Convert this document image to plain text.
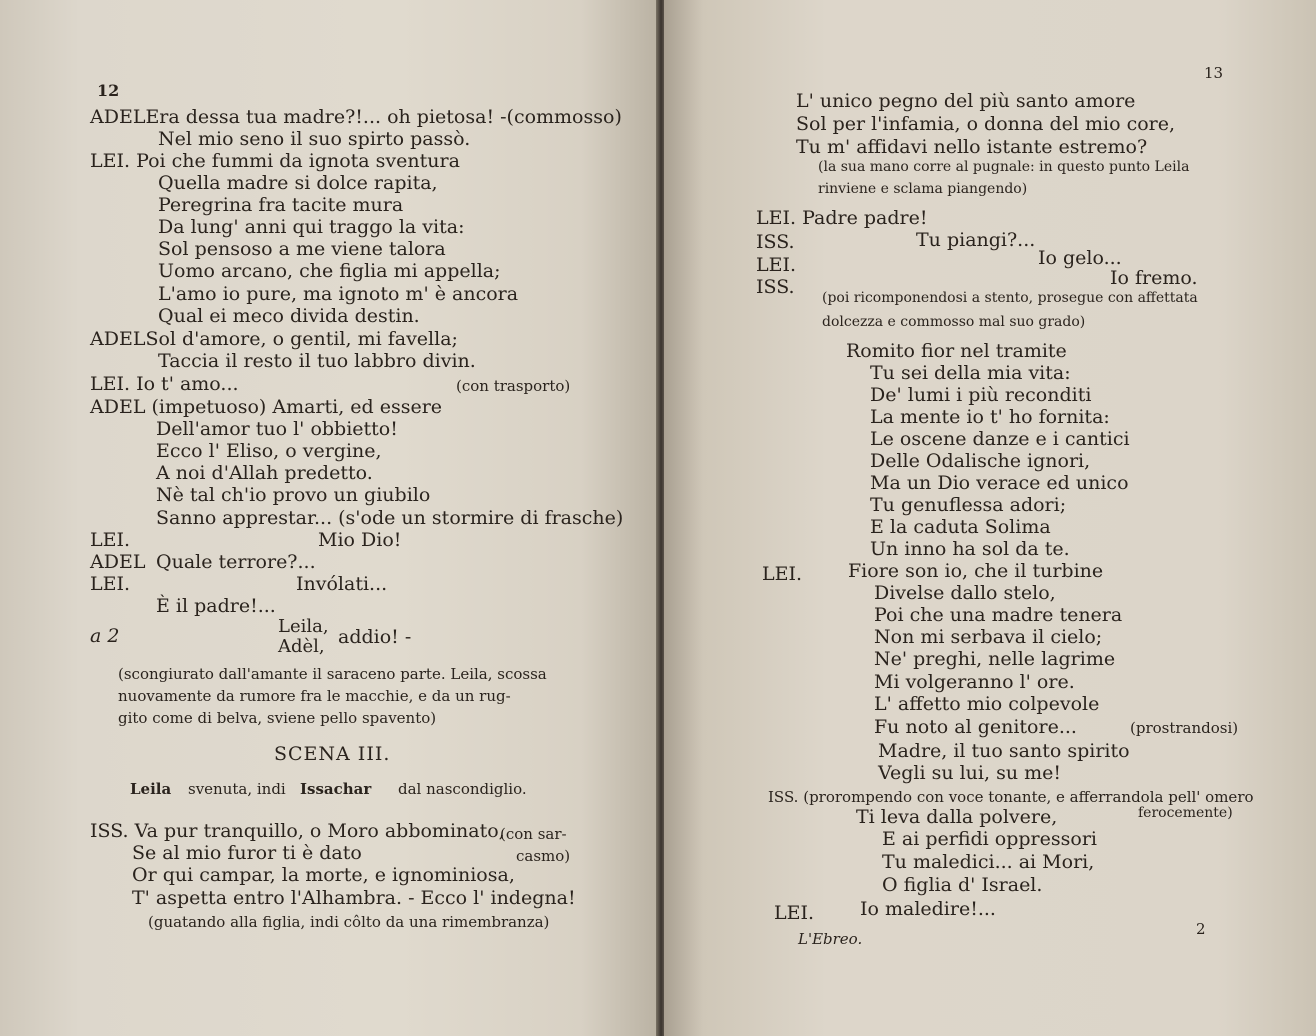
12
ADELEra dessa tua madre?!... oh pietosa! -(commosso)
Nel mio seno il suo spirto passò.
LEI. Poi che fummi da ignota sventura
Quella madre si dolce rapita,
Peregrina fra tacite mura
Da lung' anni qui traggo la vita:
Sol pensoso a me viene talora
Uomo arcano, che figlia mi appella;
L'amo io pure, ma ignoto m' è ancora
Qual ei meco divida destin.
ADELSol d'amore, o gentil, mi favella;
Taccia il resto il tuo labbro divin.
LEI. Io t' amo...	(con trasporto)
ADEL (impetuoso) Amarti, ed essere
Dell'amor tuo l' obbietto!
Ecco l' Eliso, o vergine,
A noi d'Allah predetto.
Nè tal ch'io provo un giubilo
Sanno apprestar... (s'ode un stormire di frasche)
LEI.	Mio Dio!
ADEL Quale terrore?...
LEI.	Invólati...
È il padre!...
a 2	Leila,
Adèl, addio! -
(scongiurato dall'amante il saraceno parte. Leila, scossa
nuovamente da rumore fra le macchie, e da un rug-
gito come di belva, sviene pello spavento)
SCENA III.
Leila svenuta, indi Issachar dal nascondiglio.
ISS. Va pur tranquillo, o Moro abbominato,
(con sar-
Se al mio furor ti è dato	casmo)
Or qui campar, la morte, e ignominiosa,
T' aspetta entro l'Alhambra. - Ecco l' indegna!
(guatando alla figlia, indi côlto da una rimembranza)
13
L' unico pegno del più santo amore
Sol per l'infamia, o donna del mio core,
Tu m' affidavi nello istante estremo?
(la sua mano corre al pugnale: in questo punto Leila
rinviene e sclama piangendo)
LEI. Padre padre!
ISS.	Tu piangi?...
LEI.	Io gelo...
ISS.	Io fremo.
(poi ricomponendosi a stento, prosegue con affettata
dolcezza e commosso mal suo grado)
Romito fior nel tramite
Tu sei della mia vita:
De' lumi i più reconditi
La mente io t' ho fornita:
Le oscene danze e i cantici
Delle Odalische ignori,
Ma un Dio verace ed unico
Tu genuflessa adori;
E la caduta Solima
Un inno ha sol da te.
LEI. Fiore son io, che il turbine
Divelse dallo stelo,
Poi che una madre tenera
Non mi serbava il cielo;
Ne' preghi, nelle lagrime
Mi volgeranno l' ore.
L' affetto mio colpevole
Fu noto al genitore...	(prostrandosi)
Madre, il tuo santo spirito
Vegli su lui, su me!
ISS. (prorompendo con voce tonante, e afferrandola pell' omero
ferocemente)
Ti leva dalla polvere,
E ai perfidi oppressori
Tu maledici... ai Mori,
O figlia d' Israel.
LEI. Io maledire!...
L'Ebreo.
2
